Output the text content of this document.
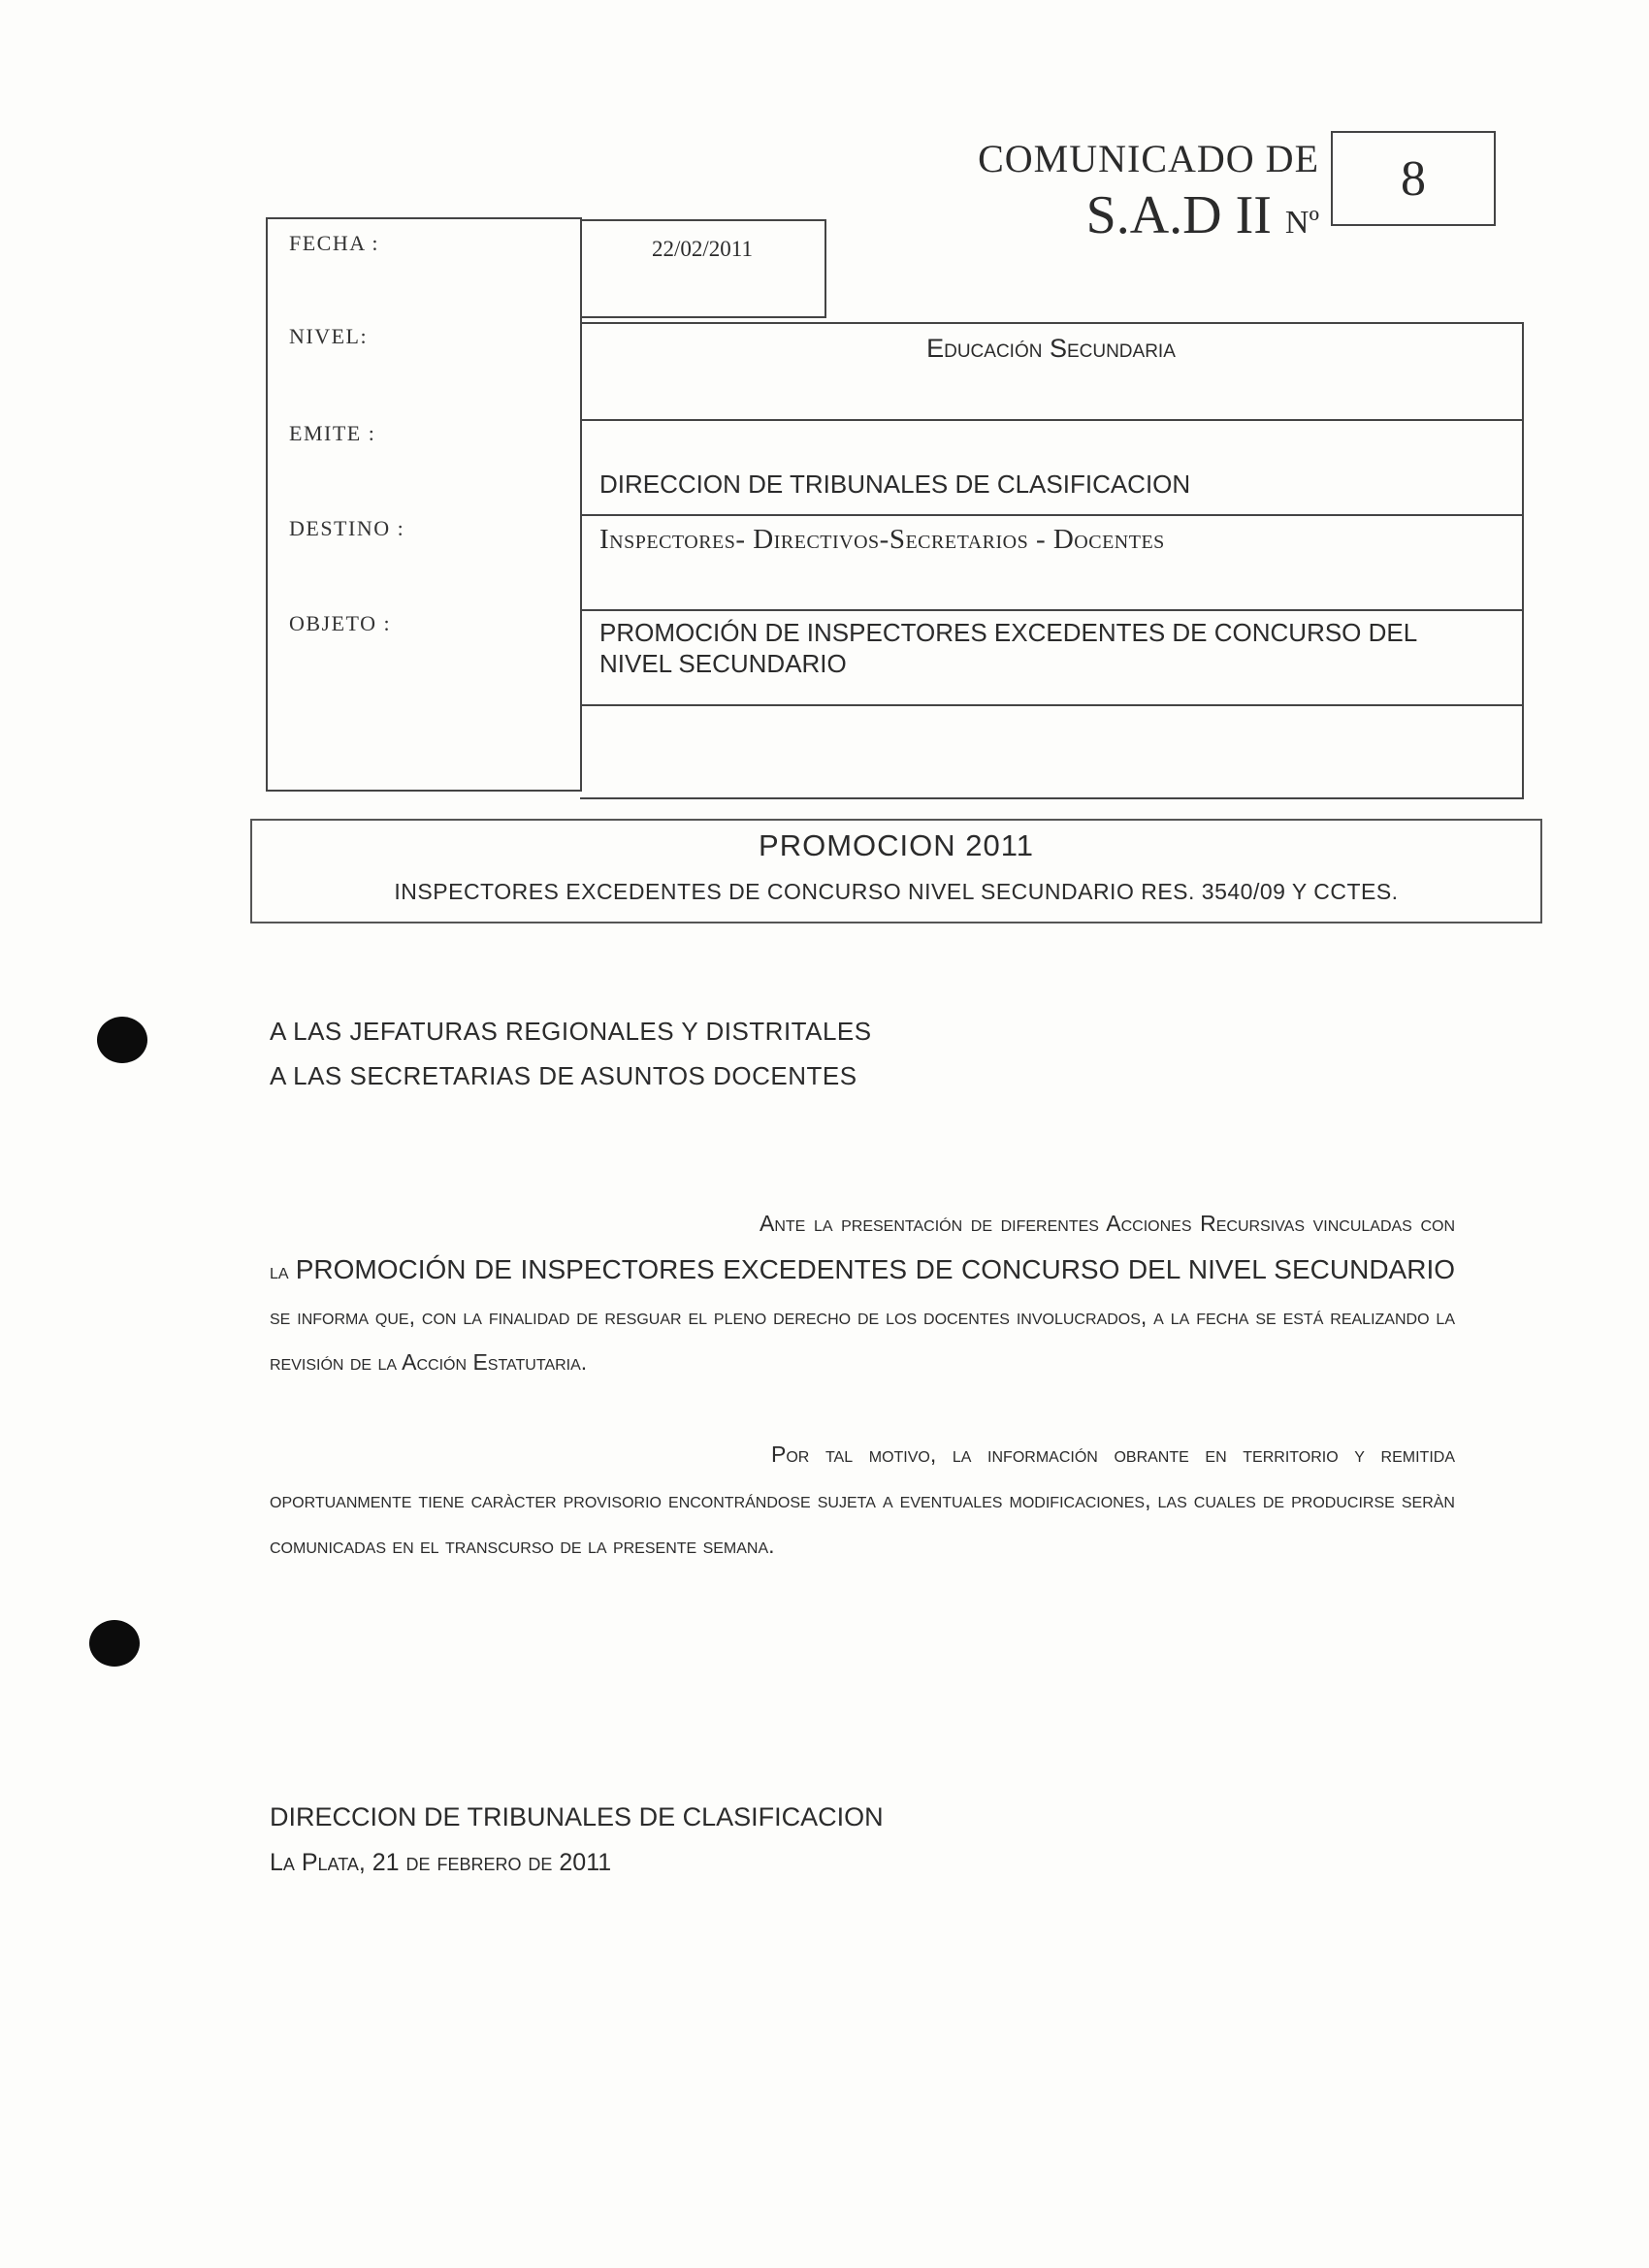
COMUNICADO DE
S.A.D II Nº
8
FECHA :
NIVEL:
EMITE :
DESTINO :
OBJETO :
22/02/2011
Educación Secundaria
DIRECCION DE TRIBUNALES DE CLASIFICACION
Inspectores- Directivos-Secretarios - Docentes
PROMOCIÓN DE INSPECTORES EXCEDENTES DE CONCURSO DEL NIVEL SECUNDARIO
PROMOCION 2011
INSPECTORES EXCEDENTES DE CONCURSO NIVEL SECUNDARIO RES. 3540/09 Y CCTES.
A LAS JEFATURAS REGIONALES Y DISTRITALES
A LAS SECRETARIAS DE ASUNTOS DOCENTES
Ante la presentación de diferentes Acciones Recursivas vinculadas con la PROMOCIÓN DE INSPECTORES EXCEDENTES DE CONCURSO DEL NIVEL SECUNDARIO se informa que, con la finalidad de resguar el pleno derecho de los docentes involucrados, a la fecha se está realizando la revisión de la Acción Estatutaria.
Por tal motivo, la información obrante en territorio y remitida oportuanmente tiene caràcter provisorio encontrándose sujeta a eventuales modificaciones, las cuales de producirse seràn comunicadas en el transcurso de la presente semana.
DIRECCION DE TRIBUNALES DE CLASIFICACION
La Plata, 21 de febrero de 2011
